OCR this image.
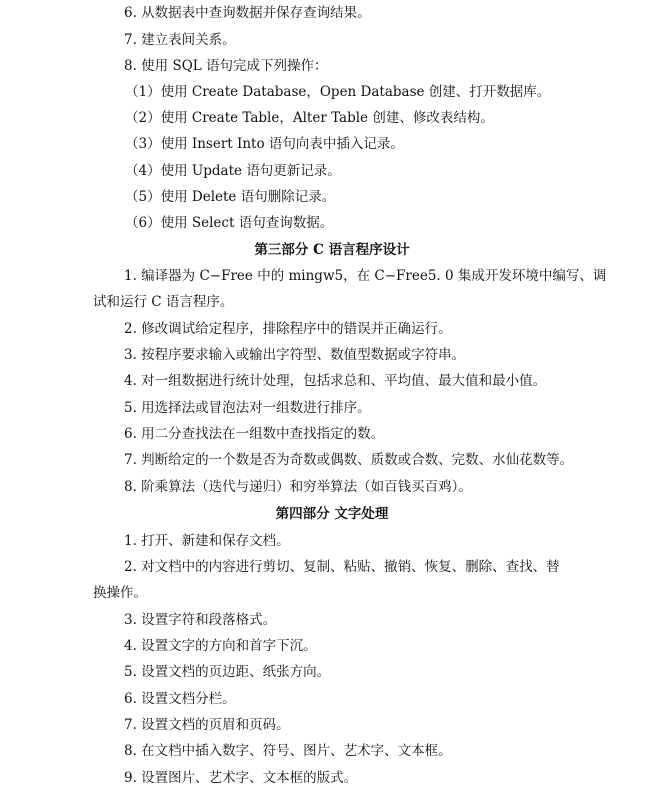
6. 从数据表中查询数据并保存查询结果。
7. 建立表间关系。
8. 使用 SQL 语句完成下列操作：
（1）使用 Create Database，Open Database 创建、打开数据库。
（2）使用 Create Table，Alter Table 创建、修改表结构。
（3）使用 Insert Into 语句向表中插入记录。
（4）使用 Update 语句更新记录。
（5）使用 Delete 语句删除记录。
（6）使用 Select 语句查询数据。
第三部分 C 语言程序设计
1. 编译器为 C−Free 中的 mingw5，在 C−Free5. 0 集成开发环境中编写、调
试和运行 C 语言程序。
2. 修改调试给定程序，排除程序中的错误并正确运行。
3. 按程序要求输入或输出字符型、数值型数据或字符串。
4. 对一组数据进行统计处理，包括求总和、平均值、最大值和最小值。
5. 用选择法或冒泡法对一组数进行排序。
6. 用二分查找法在一组数中查找指定的数。
7. 判断给定的一个数是否为奇数或偶数、质数或合数、完数、水仙花数等。
8. 阶乘算法（迭代与递归）和穷举算法（如百钱买百鸡）。
第四部分 文字处理
1. 打开、新建和保存文档。
2. 对文档中的内容进行剪切、复制、粘贴、撤销、恢复、删除、查找、替
换操作。
3. 设置字符和段落格式。
4. 设置文字的方向和首字下沉。
5. 设置文档的页边距、纸张方向。
6. 设置文档分栏。
7. 设置文档的页眉和页码。
8. 在文档中插入数字、符号、图片、艺术字、文本框。
9. 设置图片、艺术字、文本框的版式。
